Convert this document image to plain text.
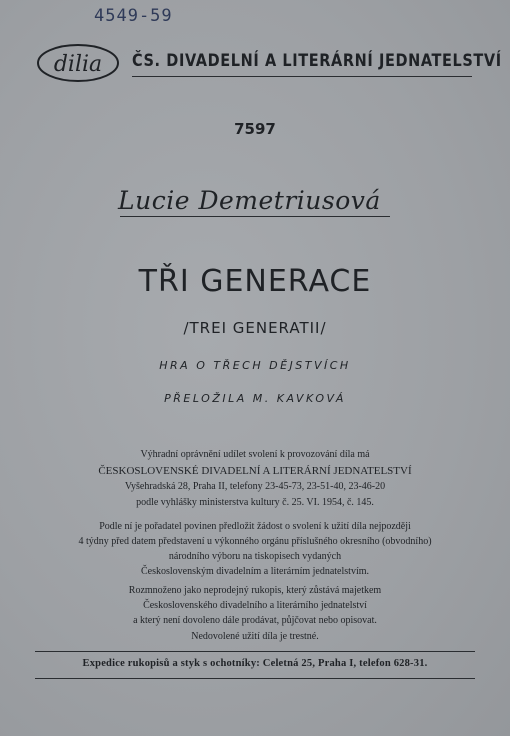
4549-59
dilia ČS. DIVADELNÍ A LITERÁRNÍ JEDNATELSTVÍ
7597
Lucie Demetriusová
TŘI GENERACE
/TREI GENERATII/
HRA O TŘECH DĚJSTVÍCH
PŘELOŽILA M. KAVKOVÁ

Výhradní oprávnění udílet svolení k provozování díla má

ČESKOSLOVENSKÉ DIVADELNÍ A LITERÁRNÍ JEDNATELSTVÍ

Vyšehradská 28, Praha II, telefony 23-45-73, 23-51-40, 23-46-20

podle vyhlášky ministerstva kultury č. 25. VI. 1954, č. 145.

Podle ní je pořadatel povinen předložit žádost o svolení k užití díla nejpozději

4 týdny před datem představení u výkonného orgánu příslušného okresního (obvodního)

národního výboru na tiskopisech vydaných

Československým divadelním a literárním jednatelstvím.

Rozmnoženo jako neprodejný rukopis, který zůstává majetkem

Československého divadelního a literárního jednatelství

a který není dovoleno dále prodávat, půjčovat nebo opisovat.

Nedovolené užití díla je trestné.

Expedice rukopisů a styk s ochotníky: Celetná 25, Praha I, telefon 628-31.
